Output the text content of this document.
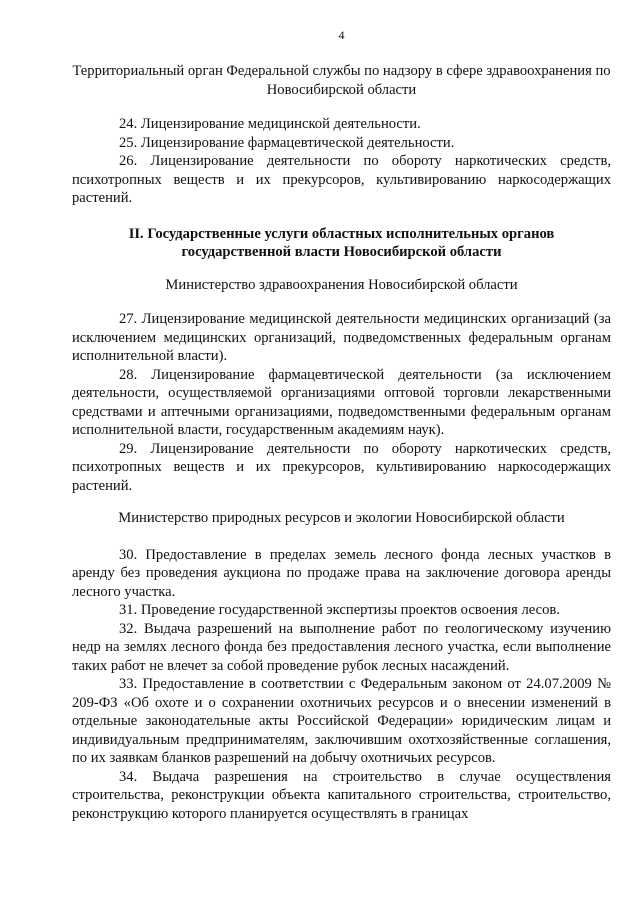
4
Территориальный орган Федеральной службы по надзору в сфере здравоохранения по Новосибирской области

24. Лицензирование медицинской деятельности.

25. Лицензирование фармацевтической деятельности.

26. Лицензирование деятельности по обороту наркотических средств, психотропных веществ и их прекурсоров, культивированию наркосодержащих растений.

II. Государственные услуги областных исполнительных органов
государственной власти Новосибирской области
Министерство здравоохранения Новосибирской области

27. Лицензирование медицинской деятельности медицинских организаций (за исключением медицинских организаций, подведомственных федеральным органам исполнительной власти).

28. Лицензирование фармацевтической деятельности (за исключением деятельности, осуществляемой организациями оптовой торговли лекарственными средствами и аптечными организациями, подведомственными федеральным органам исполнительной власти, государственным академиям наук).

29. Лицензирование деятельности по обороту наркотических средств, психотропных веществ и их прекурсоров, культивированию наркосодержащих растений.

Министерство природных ресурсов и экологии Новосибирской области

30. Предоставление в пределах земель лесного фонда лесных участков в аренду без проведения аукциона по продаже права на заключение договора аренды лесного участка.

31. Проведение государственной экспертизы проектов освоения лесов.

32. Выдача разрешений на выполнение работ по геологическому изучению недр на землях лесного фонда без предоставления лесного участка, если выполнение таких работ не влечет за собой проведение рубок лесных насаждений.

33. Предоставление в соответствии с Федеральным законом от 24.07.2009 № 209-ФЗ «Об охоте и о сохранении охотничьих ресурсов и о внесении изменений в отдельные законодательные акты Российской Федерации» юридическим лицам и индивидуальным предпринимателям, заключившим охотхозяйственные соглашения, по их заявкам бланков разрешений на добычу охотничьих ресурсов.

34. Выдача разрешения на строительство в случае осуществления строительства, реконструкции объекта капитального строительства, строительство, реконструкцию которого планируется осуществлять в границах
